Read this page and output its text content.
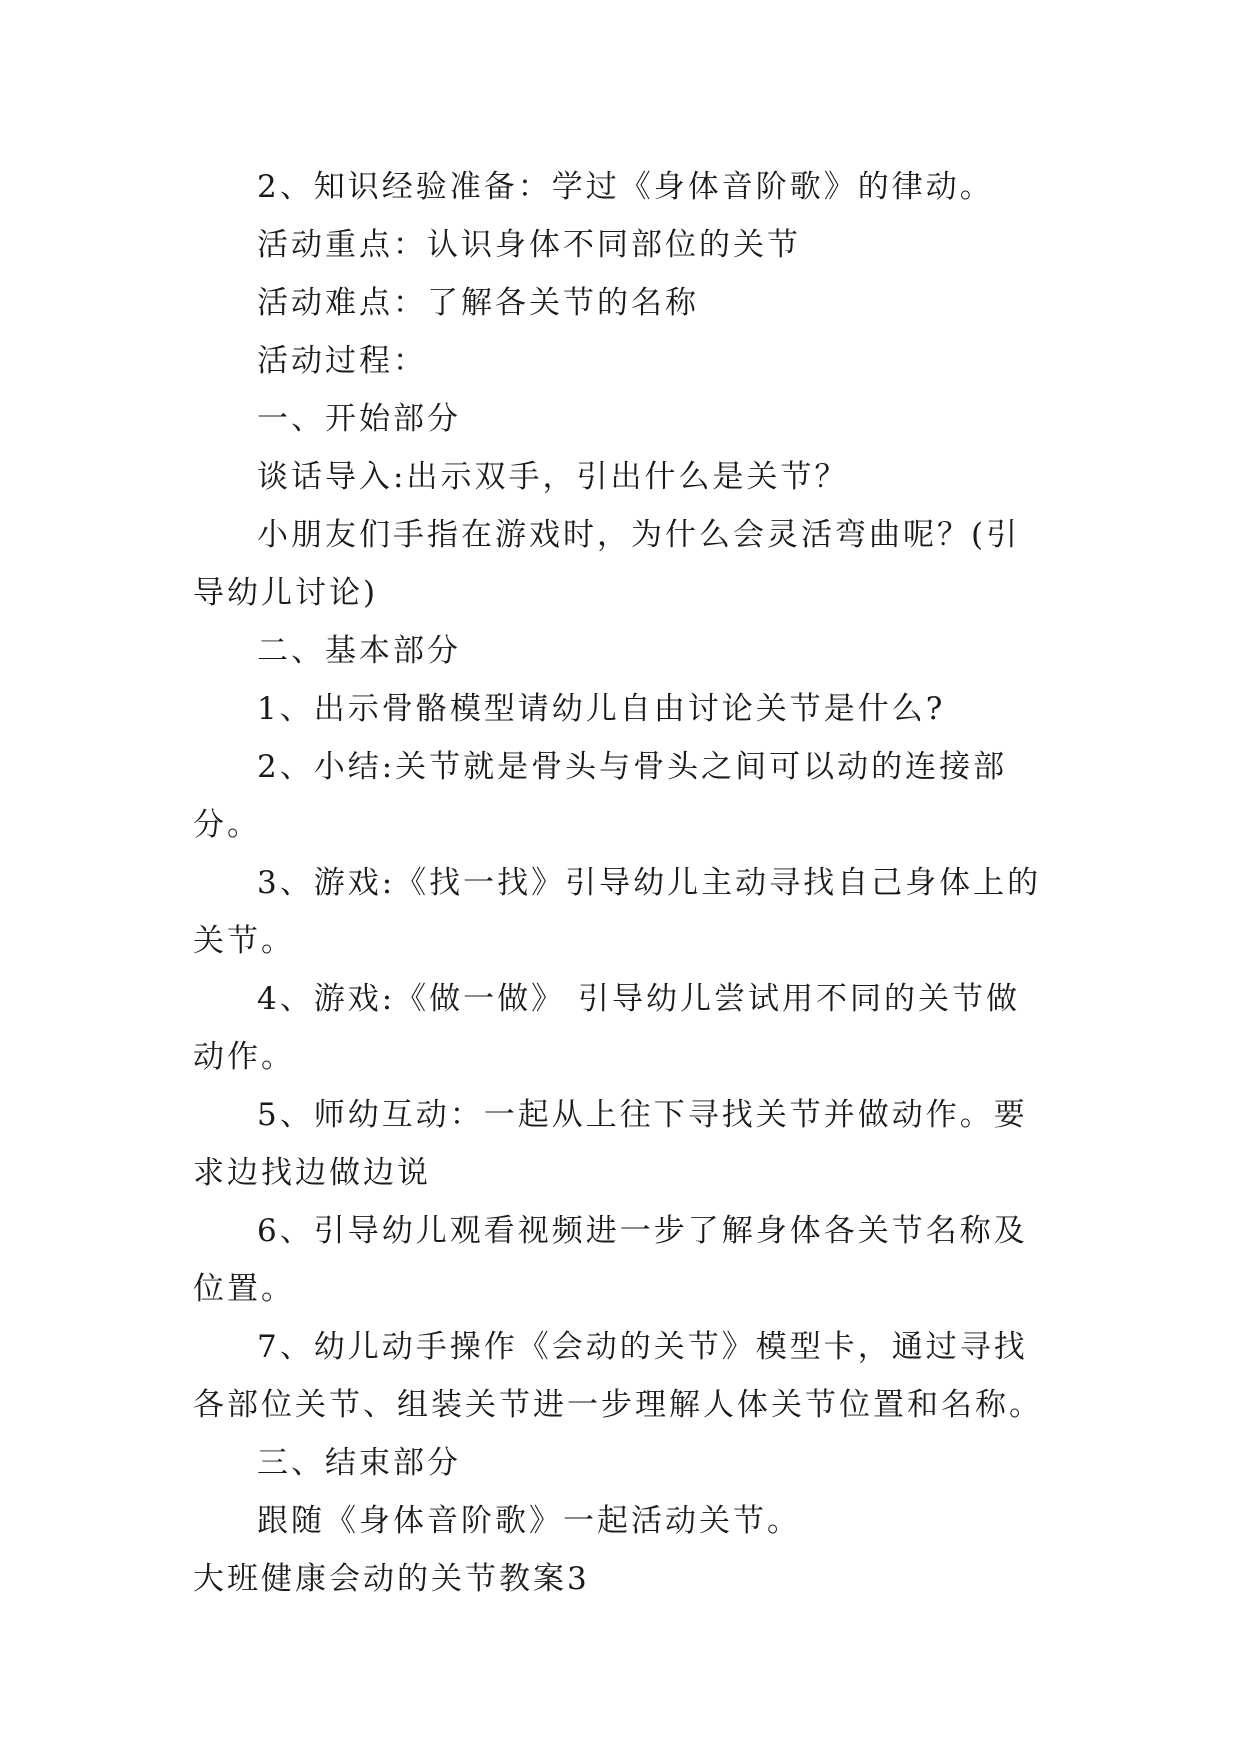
2、知识经验准备：学过《身体音阶歌》的律动。

活动重点：认识身体不同部位的关节

活动难点：了解各关节的名称

活动过程：

一、开始部分

谈话导入:出示双手，引出什么是关节？

小朋友们手指在游戏时，为什么会灵活弯曲呢？(引导幼儿讨论)

二、基本部分

1、出示骨骼模型请幼儿自由讨论关节是什么?

2、小结:关节就是骨头与骨头之间可以动的连接部分。

3、游戏:《找一找》引导幼儿主动寻找自己身体上的关节。

4、游戏:《做一做》 引导幼儿尝试用不同的关节做动作。

5、师幼互动：一起从上往下寻找关节并做动作。要求边找边做边说

6、引导幼儿观看视频进一步了解身体各关节名称及位置。

7、幼儿动手操作《会动的关节》模型卡，通过寻找各部位关节、组装关节进一步理解人体关节位置和名称。

三、结束部分

跟随《身体音阶歌》一起活动关节。

大班健康会动的关节教案3
